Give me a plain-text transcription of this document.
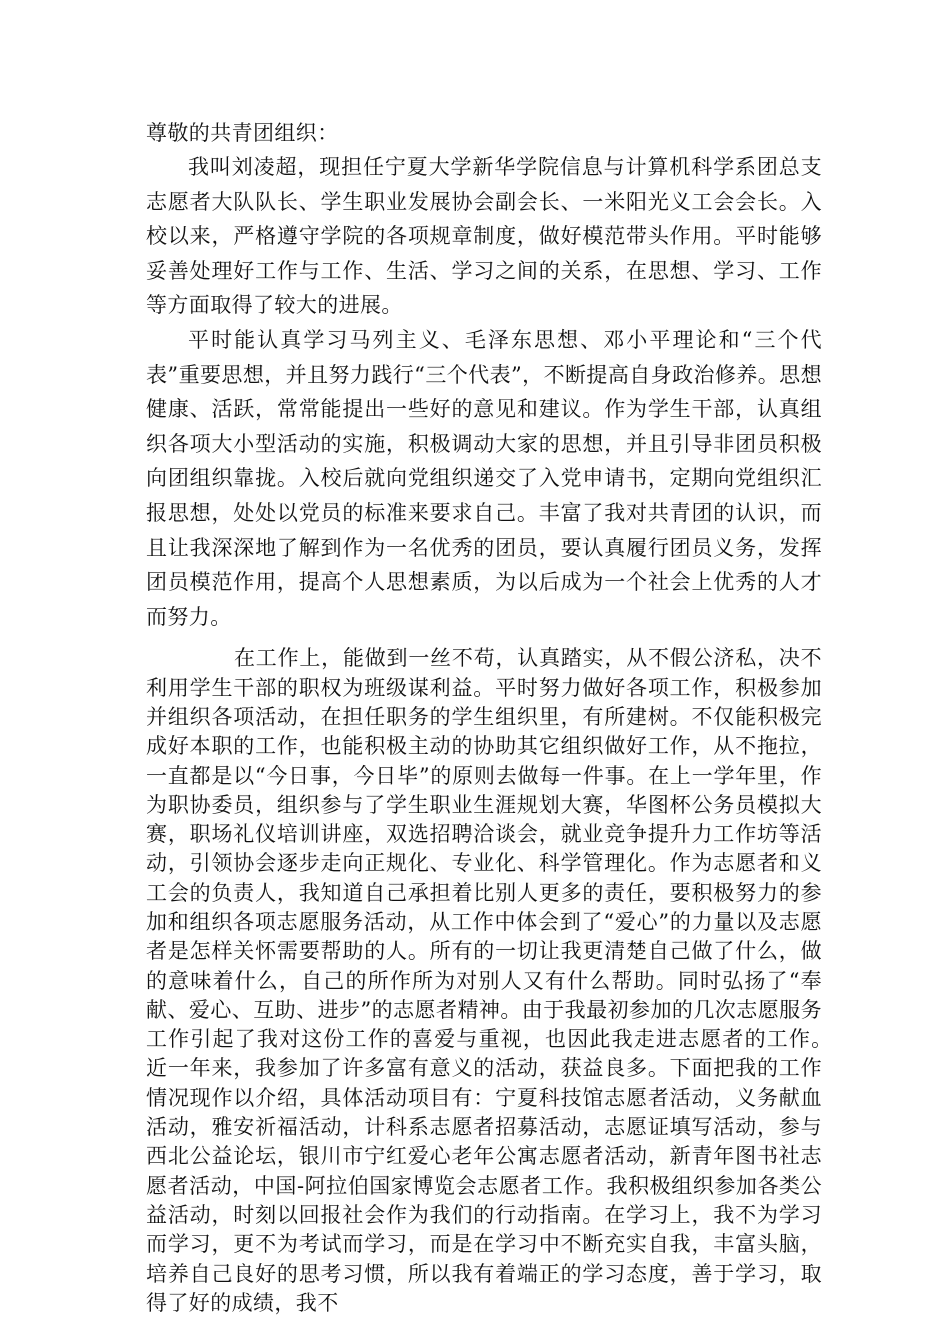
尊敬的共青团组织：

我叫刘凌超，现担任宁夏大学新华学院信息与计算机科学系团总支志愿者大队队长、学生职业发展协会副会长、一米阳光义工会会长。入校以来，严格遵守学院的各项规章制度，做好模范带头作用。平时能够妥善处理好工作与工作、生活、学习之间的关系，在思想、学习、工作等方面取得了较大的进展。

平时能认真学习马列主义、毛泽东思想、邓小平理论和“三个代表”重要思想，并且努力践行“三个代表”，不断提高自身政治修养。思想健康、活跃，常常能提出一些好的意见和建议。作为学生干部，认真组织各项大小型活动的实施，积极调动大家的思想，并且引导非团员积极向团组织靠拢。入校后就向党组织递交了入党申请书，定期向党组织汇报思想，处处以党员的标准来要求自己。丰富了我对共青团的认识，而且让我深深地了解到作为一名优秀的团员，要认真履行团员义务，发挥团员模范作用，提高个人思想素质，为以后成为一个社会上优秀的人才而努力。

在工作上，能做到一丝不苟，认真踏实，从不假公济私，决不利用学生干部的职权为班级谋利益。平时努力做好各项工作，积极参加并组织各项活动，在担任职务的学生组织里，有所建树。不仅能积极完成好本职的工作，也能积极主动的协助其它组织做好工作，从不拖拉，一直都是以“今日事，今日毕”的原则去做每一件事。在上一学年里，作为职协委员，组织参与了学生职业生涯规划大赛，华图杯公务员模拟大赛，职场礼仪培训讲座，双选招聘洽谈会，就业竞争提升力工作坊等活动，引领协会逐步走向正规化、专业化、科学管理化。作为志愿者和义工会的负责人，我知道自己承担着比别人更多的责任，要积极努力的参加和组织各项志愿服务活动，从工作中体会到了“爱心”的力量以及志愿者是怎样关怀需要帮助的人。所有的一切让我更清楚自己做了什么，做的意味着什么，自己的所作所为对别人又有什么帮助。同时弘扬了“奉献、爱心、互助、进步”的志愿者精神。由于我最初参加的几次志愿服务工作引起了我对这份工作的喜爱与重视，也因此我走进志愿者的工作。　近一年来，我参加了许多富有意义的活动，获益良多。下面把我的工作情况现作以介绍，具体活动项目有：宁夏科技馆志愿者活动，义务献血活动，雅安祈福活动，计科系志愿者招募活动，志愿证填写活动，参与西北公益论坛，银川市宁红爱心老年公寓志愿者活动，新青年图书社志愿者活动，中国-阿拉伯国家博览会志愿者工作。我积极组织参加各类公益活动，时刻以回报社会作为我们的行动指南。在学习上，我不为学习而学习，更不为考试而学习，而是在学习中不断充实自我，丰富头脑，培养自己良好的思考习惯，所以我有着端正的学习态度，善于学习，取得了好的成绩，我不
